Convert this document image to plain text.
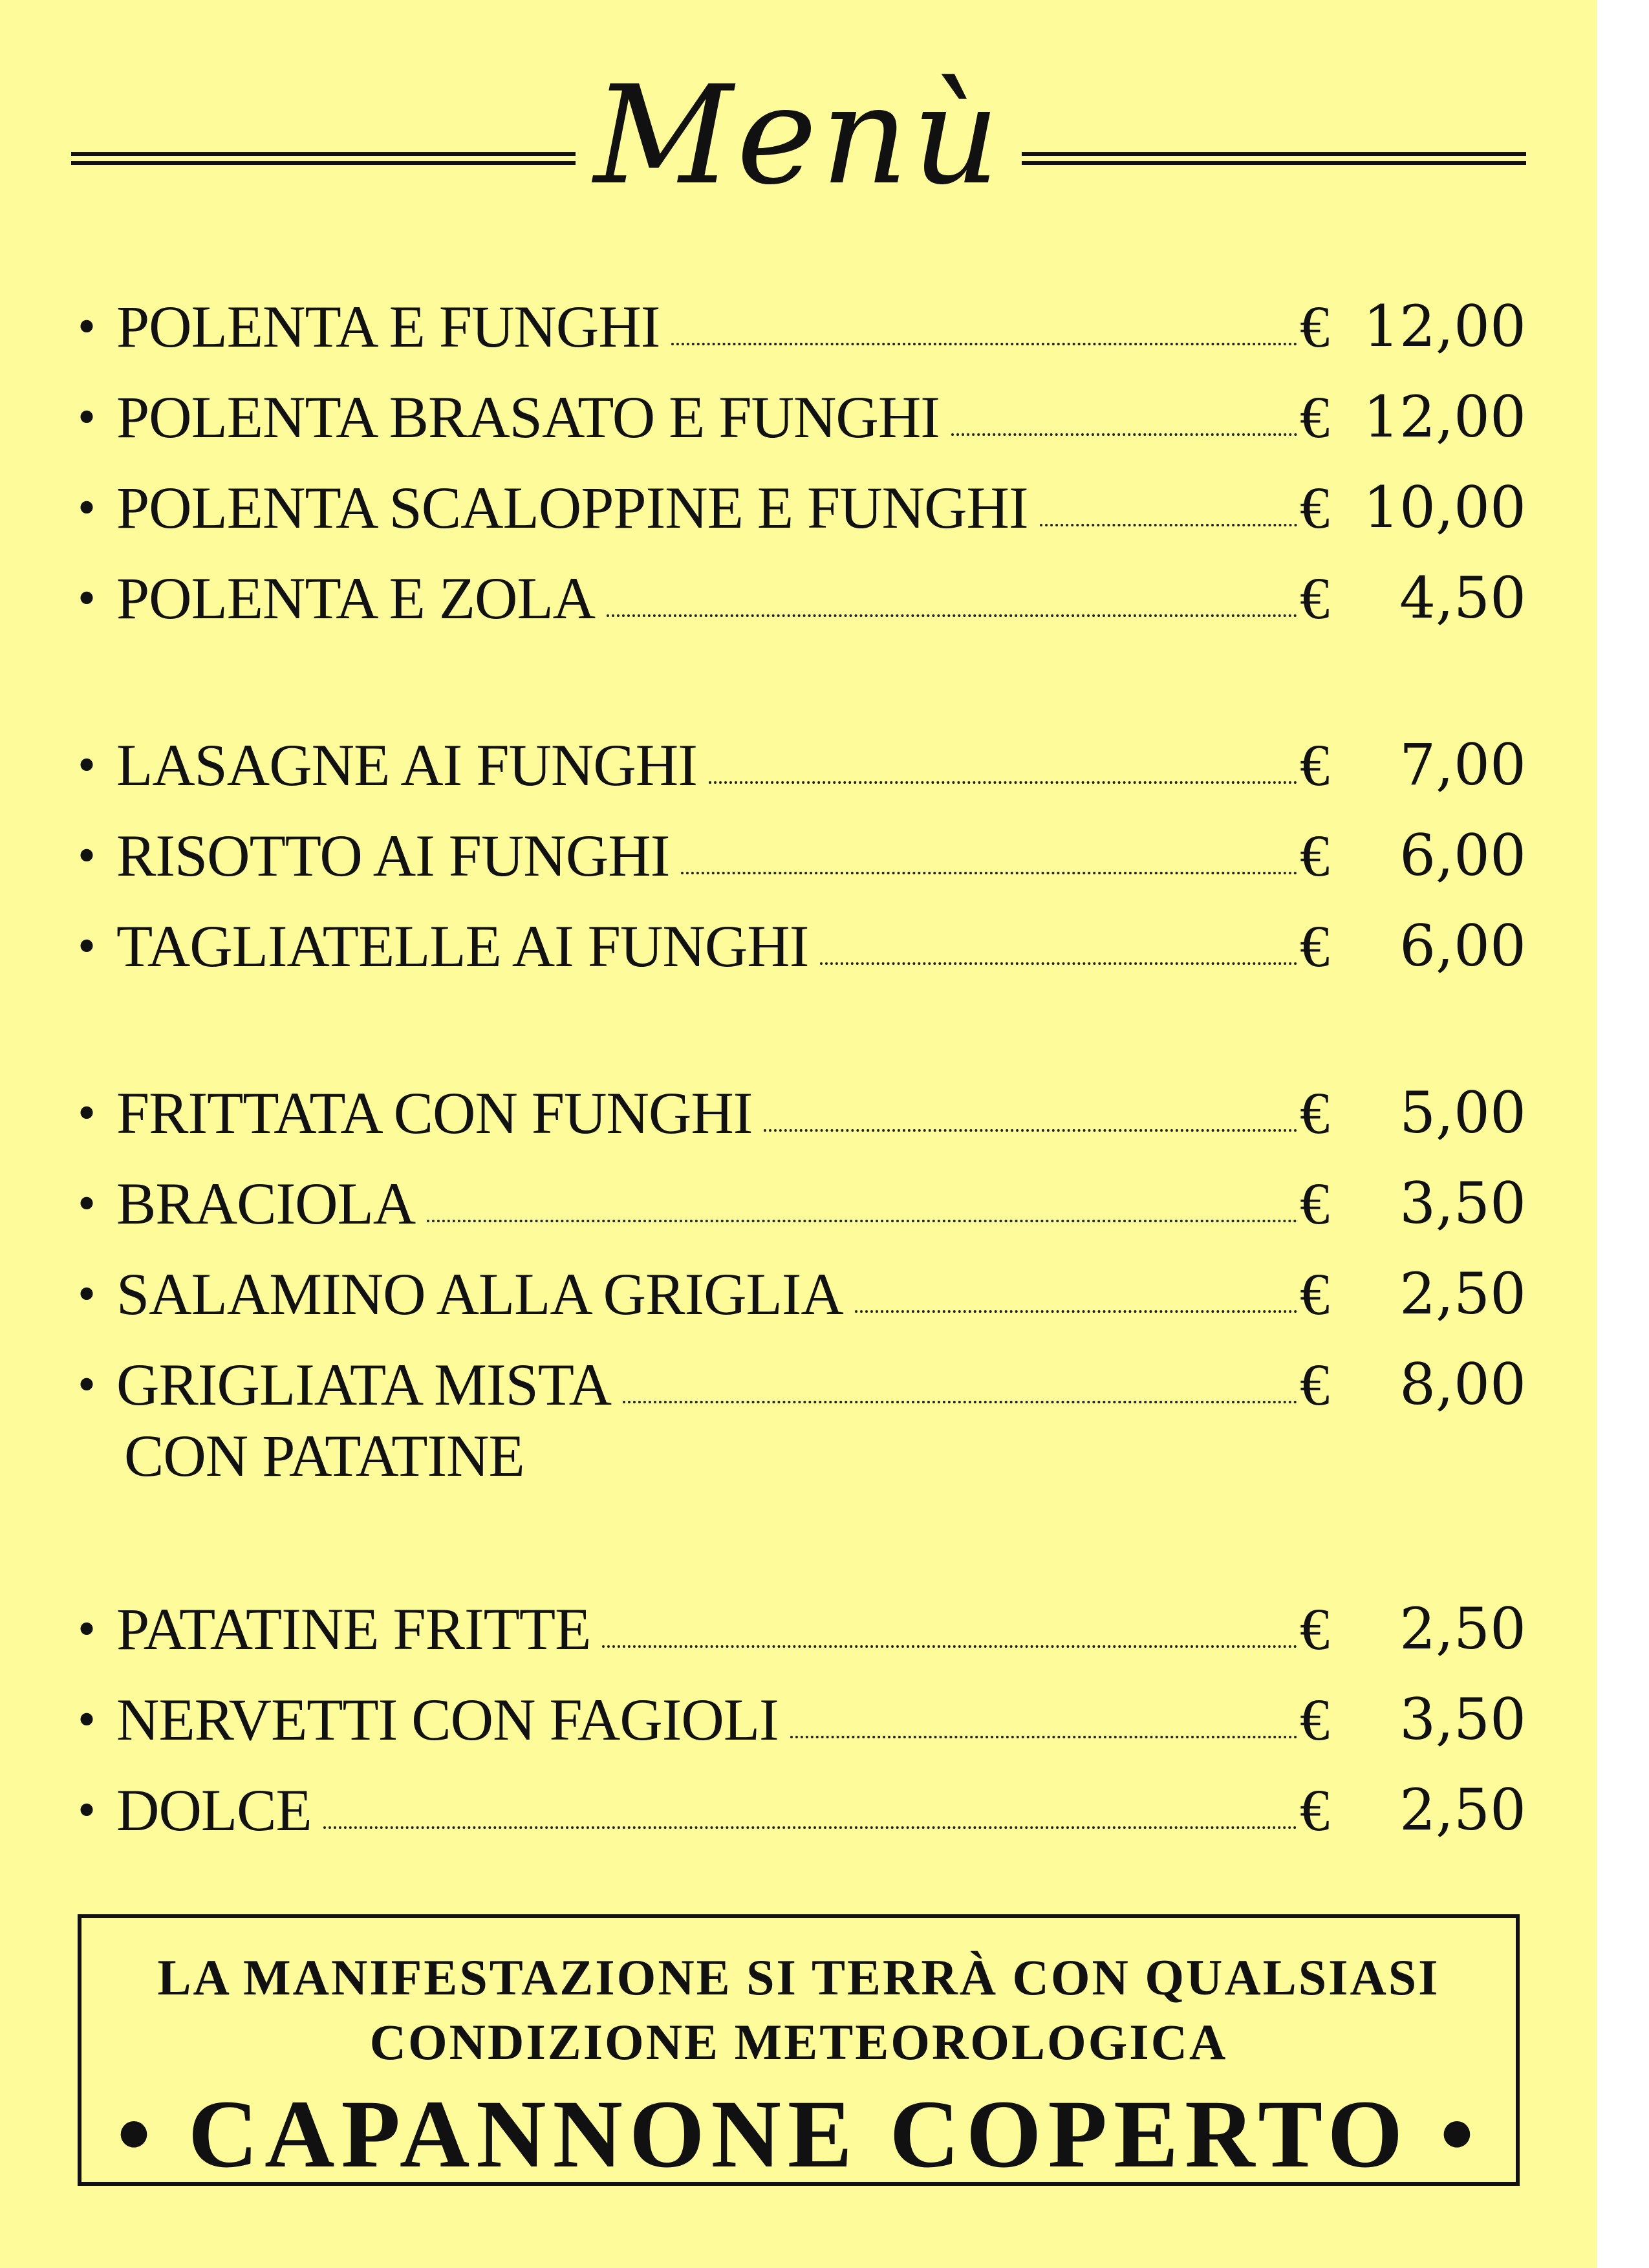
Menù
• POLENTA E FUNGHI	€ 12,00
• POLENTA BRASATO E FUNGHI	€ 12,00
• POLENTA SCALOPPINE E FUNGHI	€ 10,00
• POLENTA E ZOLA	€	4,50
• LASAGNE AI FUNGHI	€	7,00
• RISOTTO AI FUNGHI	€	6,00
• TAGLIATELLE AI FUNGHI	€	6,00
• FRITTATA CON FUNGHI	€	5,00
• BRACIOLA	€	3,50
• SALAMINO ALLA GRIGLIA	€	2,50
• GRIGLIATA MISTA	€	8,00
CON PATATINE
• PATATINE FRITTE	€	2,50
• NERVETTI CON FAGIOLI	€	3,50
• DOLCE	€	2,50
LA MANIFESTAZIONE SI TERRÀ CON QUALSIASI
CONDIZIONE METEOROLOGICA
• CAPANNONE COPERTO •
